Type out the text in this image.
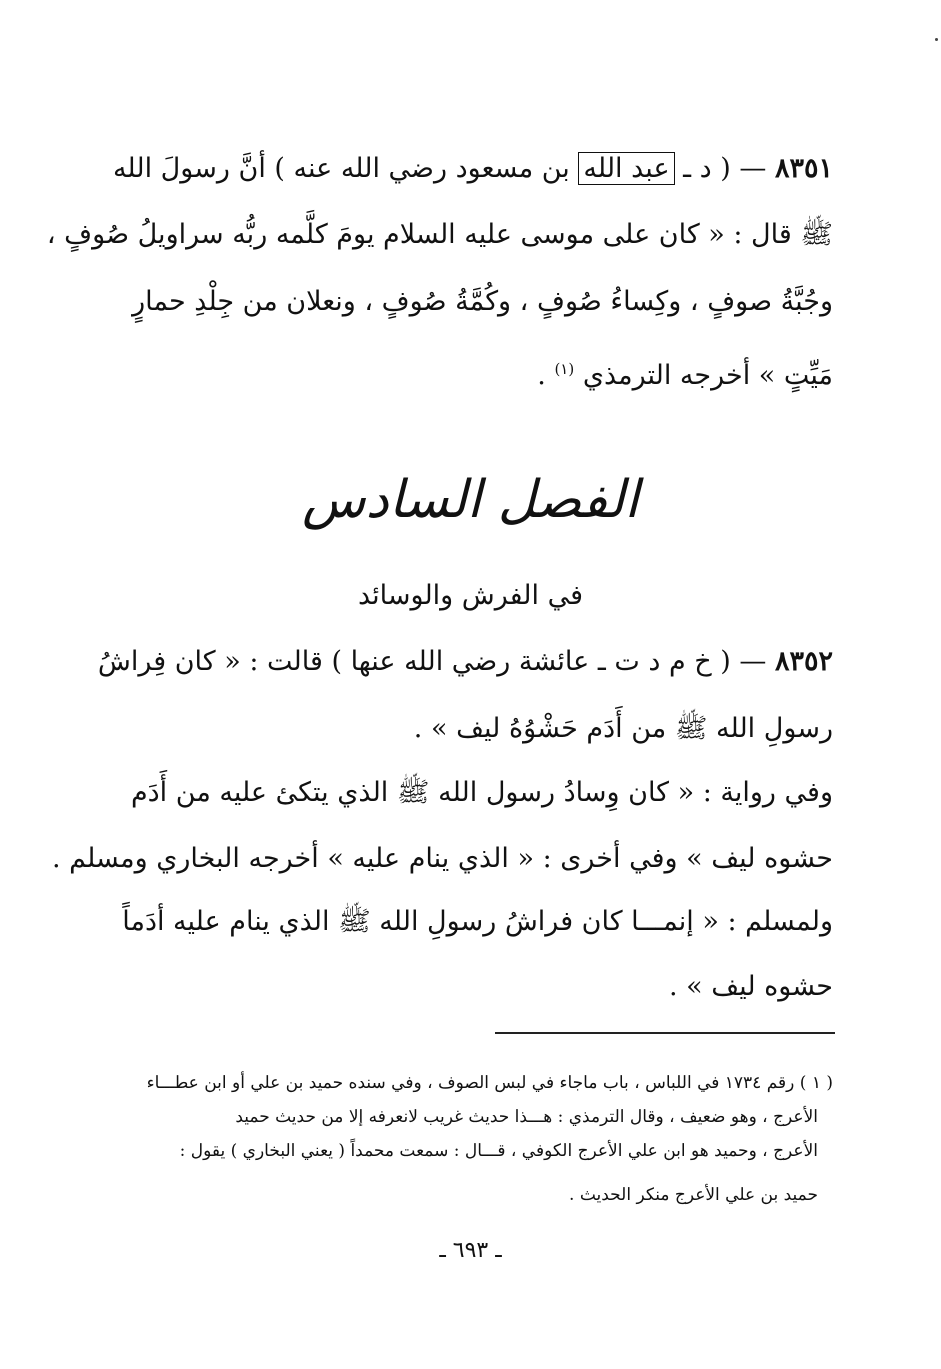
٨٣٥١ — ( د ـ عبد الله بن مسعود رضي الله عنه ) أنَّ رسولَ الله
ﷺ قال : « كان على موسى عليه السلام يومَ كلَّمه ربُّه سراويلُ صُوفٍ ،
وجُبَّةُ صوفٍ ، وكِساءُ صُوفٍ ، وكُمَّةُ صُوفٍ ، ونعلان من جِلْدِ حمارٍ
مَيِّتٍ » أخرجه الترمذي $^{(١)}$ .
الفصل السادس
في الفرش والوسائد
٨٣٥٢ — ( خ م د ت ـ عائشة رضي الله عنها ) قالت : « كان فِراشُ
رسولِ الله ﷺ من أَدَم حَشْوُهُ ليف » .
وفي رواية : « كان وِسادُ رسول الله ﷺ الذي يتكئ عليه من أَدَم
حشوه ليف » وفي أخرى : « الذي ينام عليه » أخرجه البخاري ومسلم .
ولمسلم : « إنمـــا كان فراشُ رسولِ الله ﷺ الذي ينام عليه أدَماً
حشوه ليف » .
( ١ ) رقم ١٧٣٤ في اللباس ، باب ماجاء في لبس الصوف ، وفي سنده حميد بن علي أو ابن عطـــاء
الأعرج ، وهو ضعيف ، وقال الترمذي : هـــذا حديث غريب لانعرفه إلا من حديث حميد
الأعرج ، وحميد هو ابن علي الأعرج الكوفي ، قـــال : سمعت محمداً ( يعني البخاري ) يقول :
حميد بن علي الأعرج منكر الحديث .
ـ ٦٩٣ ـ
